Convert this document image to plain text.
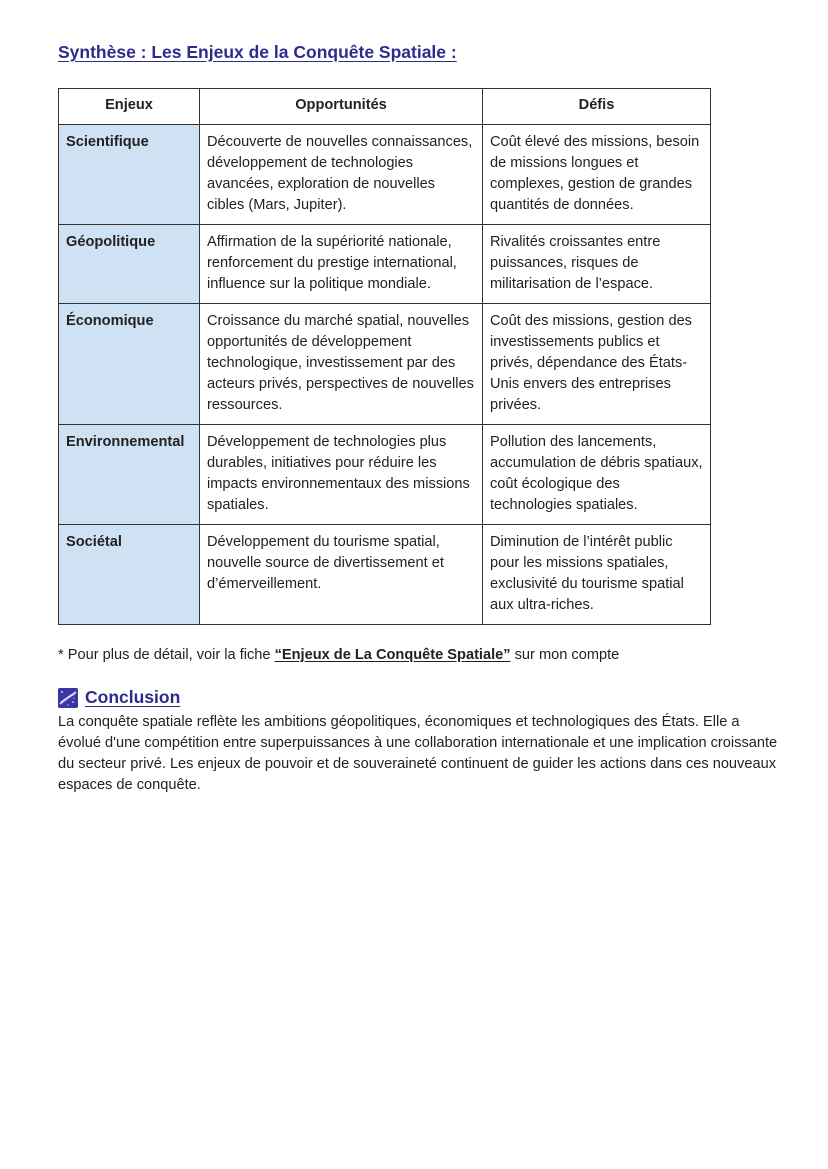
Synthèse : Les Enjeux de la Conquête Spatiale :
Enjeux	Opportunités	Défis
Scientifique	Découverte de nouvelles connaissances, développement de technologies avancées, exploration de nouvelles cibles (Mars, Jupiter).	Coût élevé des missions, besoin de missions longues et complexes, gestion de grandes quantités de données.
Géopolitique	Affirmation de la supériorité nationale, renforcement du prestige international, influence sur la politique mondiale.	Rivalités croissantes entre puissances, risques de militarisation de l’espace.
Économique	Croissance du marché spatial, nouvelles opportunités de développement technologique, investissement par des acteurs privés, perspectives de nouvelles ressources.	Coût des missions, gestion des investissements publics et privés, dépendance des États-Unis envers des entreprises privées.
Environnemental	Développement de technologies plus durables, initiatives pour réduire les impacts environnementaux des missions spatiales.	Pollution des lancements, accumulation de débris spatiaux, coût écologique des technologies spatiales.
Sociétal	Développement du tourisme spatial, nouvelle source de divertissement et d’émerveillement.	Diminution de l’intérêt public pour les missions spatiales, exclusivité du tourisme spatial aux ultra-riches.

* Pour plus de détail, voir la fiche “Enjeux de La Conquête Spatiale” sur mon compte

Conclusion

La conquête spatiale reflète les ambitions géopolitiques, économiques et technologiques des États. Elle a évolué d'une compétition entre superpuissances à une collaboration internationale et une implication croissante du secteur privé. Les enjeux de pouvoir et de souveraineté continuent de guider les actions dans ces nouveaux espaces de conquête.
